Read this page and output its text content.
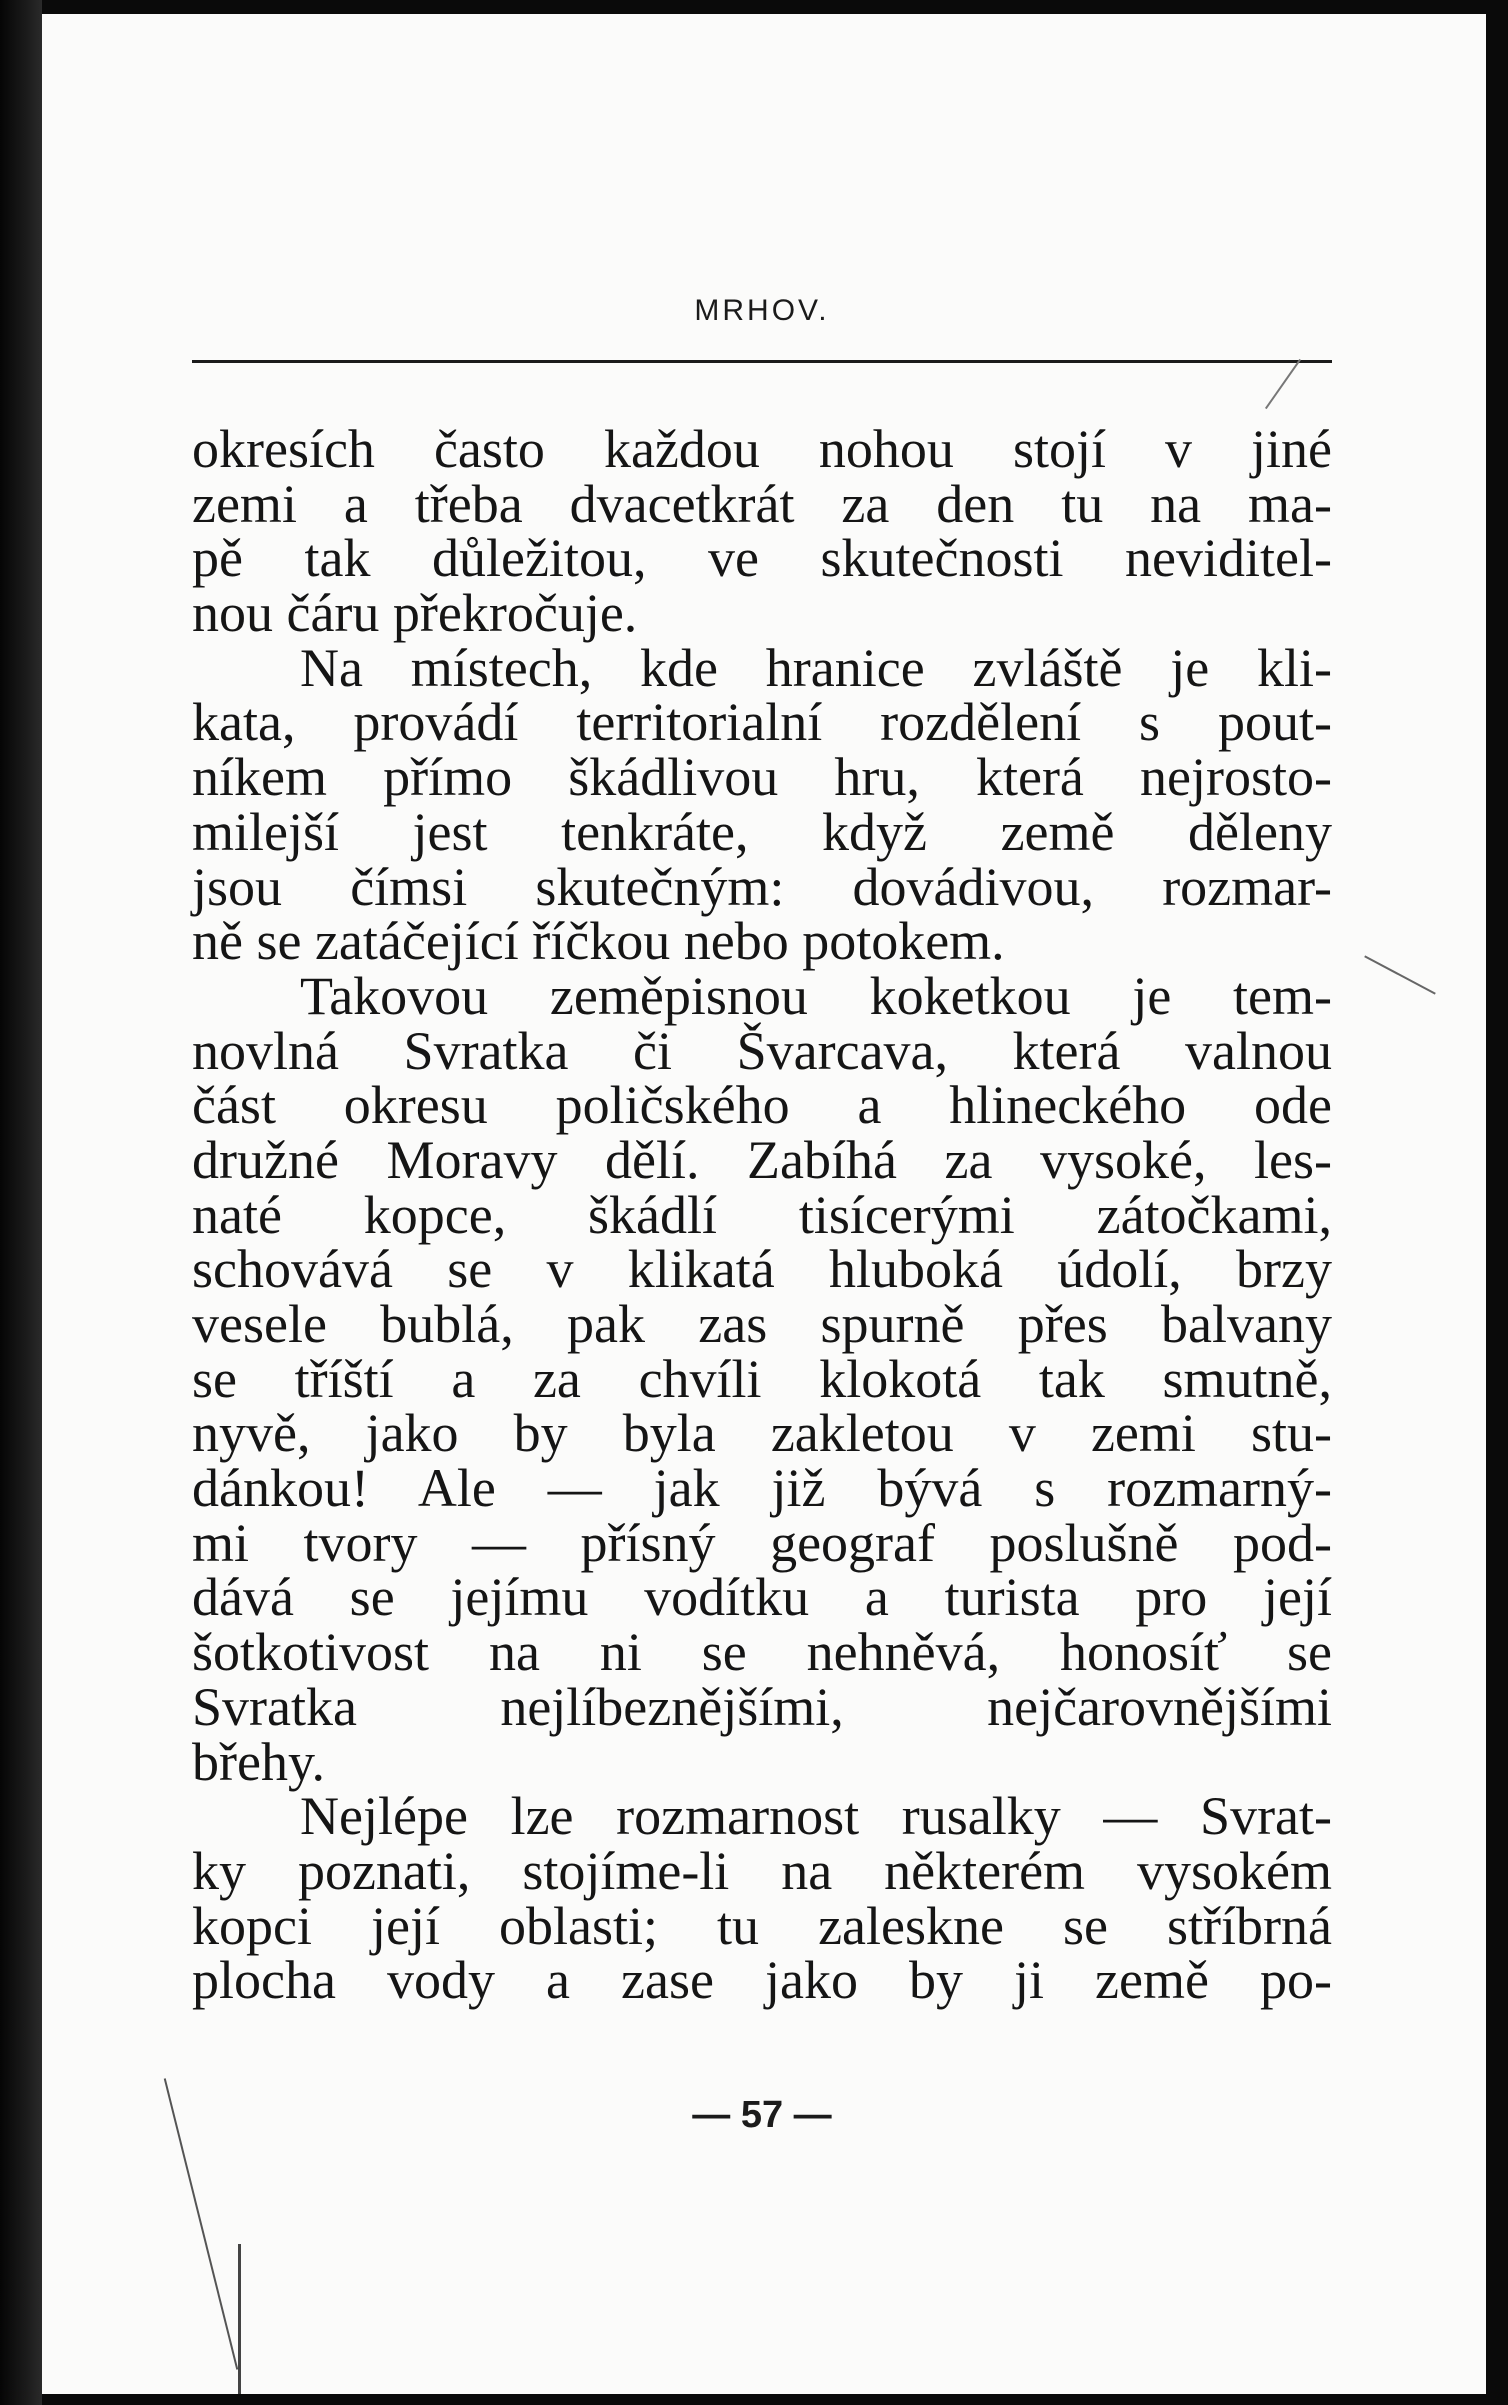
MRHOV.
okresích často každou nohou stojí v jiné
zemi a třeba dvacetkrát za den tu na ma-
pě tak důležitou, ve skutečnosti neviditel-
nou čáru překročuje.
Na místech, kde hranice zvláště je kli-
kata, provádí territorialní rozdělení s pout-
níkem přímo škádlivou hru, která nejrosto-
milejší jest tenkráte, když země děleny
jsou čímsi skutečným: dovádivou, rozmar-
ně se zatáčející říčkou nebo potokem.
Takovou zeměpisnou koketkou je tem-
novlná Svratka či Švarcava, která valnou
část okresu poličského a hlineckého ode
družné Moravy dělí. Zabíhá za vysoké, les-
naté kopce, škádlí tisícerými zátočkami,
schovává se v klikatá hluboká údolí, brzy
vesele bublá, pak zas spurně přes balvany
se tříští a za chvíli klokotá tak smutně,
nyvě, jako by byla zakletou v zemi stu-
dánkou! Ale — jak již bývá s rozmarný-
mi tvory — přísný geograf poslušně pod-
dává se jejímu vodítku a turista pro její
šotkotivost na ni se nehněvá, honosíť se
Svratka nejlíbeznějšími, nejčarovnějšími
břehy.
Nejlépe lze rozmarnost rusalky — Svrat-
ky poznati, stojíme-li na některém vysokém
kopci její oblasti; tu zaleskne se stříbrná
plocha vody a zase jako by ji země po-
— 57 —
